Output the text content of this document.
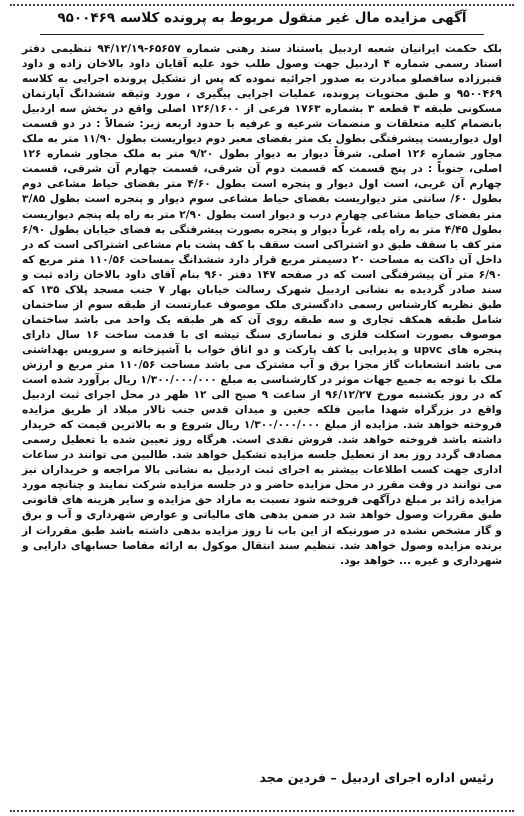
آگهی مزایده مال غیر منقول مربوط به پرونده کلاسه ۹۵۰۰۴۶۹
بلک حکمت ایرانیان شعبه اردبیل باستناد سند رهنی شماره ۶۵۶۵۷-۹۴/۱۲/۱۹ تنظیمی دفتر اسناد رسمی شماره ۴ اردبیل جهت وصول طلب خود علیه آقایان داود بالاخان زاده و داود قنبرزاده سافصلو مبادرت به صدور اجرائیه نموده که پس از تشکیل پرونده اجرایی به کلاسه ۹۵۰۰۴۶۹ و طبق محتویات پرونده، عملیات اجرایی پیگیری ، مورد وثیقه ششدانگ آپارتمان مسکونی طبقه ۳ قطعه ۳ بشماره ۱۷۶۳ فرعی از ۱۲۶/۱۶۰۰ اصلی واقع در بخش سه اردبیل بانضمام کلیه متعلقات و منضمات شرعیه و عرفیه با حدود اربعه زیر: شمالاً : در دو قسمت اول دیواریست پیشرفتگی بطول یک متر بفضای معبر دوم دیواریست بطول ۱۱/۹۰ متر به ملک مجاور شماره ۱۲۶ اصلی. شرقاً دیوار به دیوار بطول ۹/۲۰ متر به ملک مجاور شماره ۱۲۶ اصلی، جنوباً : در پنج قسمت که قسمت دوم آن شرقی، قسمت چهارم آن شرقی، قسمت چهارم آن غربی، است اول دیوار و پنجره است بطول ۴/۶۰ متر بفضای حیاط مشاعی دوم بطول ۶۰/ سانتی متر دیواریست بفضای حیاط مشاعی سوم دیوار و پنجره است بطول ۳/۸۵ متر بفضای حیاط مشاعی چهارم درب و دیوار است بطول ۲/۹۰ متر به راه پله پنجم دیواریست بطول ۴/۴۵ متر به راه پله، غرباً دیوار و پنجره بصورت پیشرفتگی به فضای خیابان بطول ۶/۹۰ متر کف با سقف طبق دو اشتراکی است سقف با کف پشت بام مشاعی اشتراکی است که در داخل آن داکت به مساحت ۲۰ دسیمتر مربع قرار دارد ششدانگ بمساحت ۱۱۰/۵۶ متر مربع که ۶/۹۰ متر آن پیشرفتگی است که در صفحه ۱۴۷ دفتر ۹۶۰ بنام آقای داود بالاخان زاده ثبت و سند صادر گردیده به نشانی اردبیل شهرک رسالت خیابان بهار ۷ جنب مسجد پلاک ۱۳۵ که طبق نظریه کارشناس رسمی دادگستری ملک موصوف عبارتست از طبقه سوم از ساختمان شامل طبقه همکف تجاری و سه طبقه روی آن که هر طبقه یک واحد می باشد ساختمان موصوف بصورت اسکلت فلزی و نماسازی سنگ تیشه ای با قدمت ساخت ۱۶ سال دارای پنجره های upvc و پذیرایی با کف پارکت و دو اتاق خواب با آشپزخانه و سرویس بهداشتی می باشد انشعابات گاز مجزا برق و آب مشترک می باشد مساحت ۱۱۰/۵۶ متر مربع و ارزش ملک با توجه به جمیع جهات موثر در کارشناسی به مبلغ ۱/۳۰۰/۰۰۰/۰۰۰ ریال برآورد شده است که در روز یکشنبه مورخ ۹۶/۱۲/۲۷ از ساعت ۹ صبح الی ۱۲ ظهر در محل اجرای ثبت اردبیل واقع در بزرگراه شهدا مابین فلکه جغین و میدان قدس جنب تالار میلاد از طریق مزایده فروخته خواهد شد. مزایده از مبلغ ۱/۳۰۰/۰۰۰/۰۰۰ ریال شروع و به بالاترین قیمت که خریدار داشته باشد فروخته خواهد شد. فروش نقدی است. هرگاه روز تعیین شده با تعطیل رسمی مصادف گردد روز بعد از تعطیل جلسه مزایده تشکیل خواهد شد. طالبین می توانند در ساعات اداری جهت کسب اطلاعات بیشتر به اجرای ثبت اردبیل به نشانی بالا مراجعه و خریداران نیز می توانند در وقت مقرر در محل مزایده حاضر و در جلسه مزایده شرکت نمایند و چنانچه مورد مزایده زائد بر مبلغ درآگهی فروخته شود نسبت به مازاد حق مزایده و سایر هزینه های قانونی طبق مقررات وصول خواهد شد در ضمن بدهی های مالیاتی و عوارض شهرداری و آب و برق و گاز مشخص نشده در صورتیکه از این باب تا روز مزایده بدهی داشته باشد طبق مقررات از برنده مزایده وصول خواهد شد. تنظیم سند انتقال موکول به ارائه مفاصا حسابهای دارایی و شهرداری و غیره ... خواهد بود.
رئیس اداره اجرای اردبیل – فردین مجد
